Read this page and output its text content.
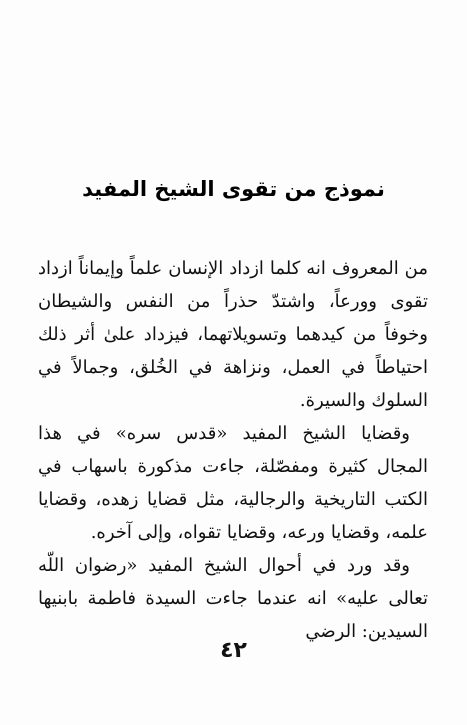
نموذج من تقوى الشيخ المفيد

من المعروف انه كلما ازداد الإنسان علماً وإيماناً ازداد تقوى وورعاً، واشتدّ حذراً من النفس والشيطان وخوفاً من كيدهما وتسويلاتهما، فيزداد علىٰ أثر ذلك احتياطاً في العمل، ونزاهة في الخُلق، وجمالاً في السلوك والسيرة.

وقضايا الشيخ المفيد «قدس سره» في هذا المجال كثيرة ومفصّلة، جاءت مذكورة باسهاب في الكتب التاريخية والرجالية، مثل قضايا زهده، وقضايا علمه، وقضايا ورعه، وقضايا تقواه، وإلى آخره.

وقد ورد في أحوال الشيخ المفيد «رضوان اللّه تعالى عليه» انه عندما جاءت السيدة فاطمة بابنيها السيدين: الرضي

٤٢
